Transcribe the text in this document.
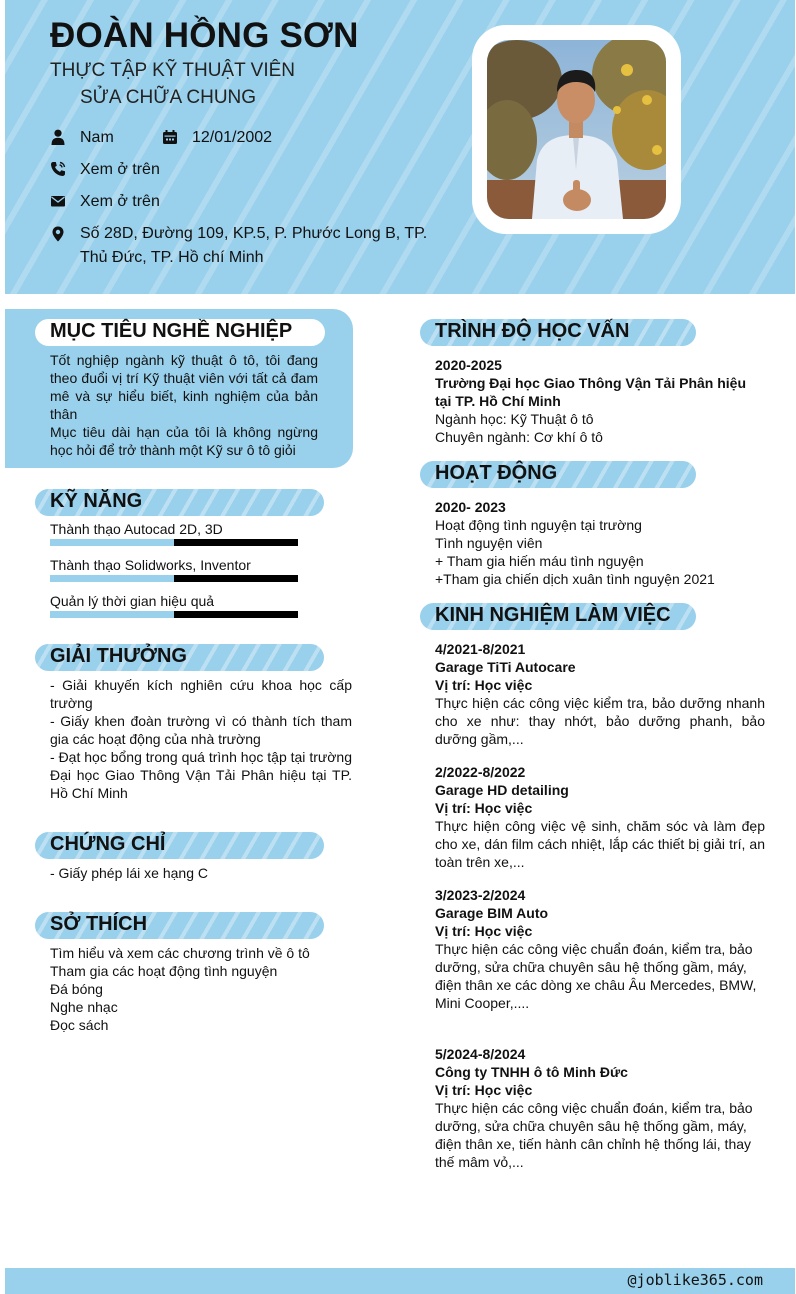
ĐOÀN HỒNG SƠN
THỰC TẬP KỸ THUẬT VIÊN
SỬA CHỮA CHUNG
Nam	12/01/2002
Xem ở trên
Xem ở trên
Số 28D, Đường 109, KP.5, P. Phước Long B, TP.
Thủ Đức, TP. Hồ chí Minh
MỤC TIÊU NGHỀ NGHIỆP

Tốt nghiệp ngành kỹ thuật ô tô, tôi đang theo đuổi vị trí Kỹ thuật viên với tất cả đam mê và sự hiểu biết, kinh nghiệm của bản thân

Mục tiêu dài hạn của tôi là không ngừng học hỏi để trở thành một Kỹ sư ô tô giỏi

KỸ NĂNG
Thành thạo Autocad 2D, 3D
Thành thạo Solidworks, Inventor
Quản lý thời gian hiệu quả
GIẢI THƯỞNG

- Giải khuyến kích nghiên cứu khoa học cấp trường

- Giấy khen đoàn trường vì có thành tích tham gia các hoạt động của nhà trường

- Đạt học bổng trong quá trình học tập tại trường Đại học Giao Thông Vận Tải Phân hiệu tại TP. Hồ Chí Minh

CHỨNG CHỈ
- Giấy phép lái xe hạng C
SỞ THÍCH
Tìm hiểu và xem các chương trình về ô tô
Tham gia các hoạt động tình nguyện
Đá bóng
Nghe nhạc
Đọc sách
TRÌNH ĐỘ HỌC VẤN
2020-2025
Trường Đại học Giao Thông Vận Tải Phân hiệu tại TP. Hồ Chí Minh
Ngành học: Kỹ Thuật ô tô
Chuyên ngành: Cơ khí ô tô
HOẠT ĐỘNG
2020- 2023
Hoạt động tình nguyện tại trường
Tình nguyện viên
+ Tham gia hiến máu tình nguyện
+Tham gia chiến dịch xuân tình nguyện 2021
KINH NGHIỆM LÀM VIỆC
4/2021-8/2021
Garage TiTi Autocare
Vị trí: Học việc
Thực hiện các công việc kiểm tra, bảo dưỡng nhanh cho xe như: thay nhớt, bảo dưỡng phanh, bảo dưỡng gầm,...
2/2022-8/2022
Garage HD detailing
Vị trí: Học việc
Thực hiện công việc vệ sinh, chăm sóc và làm đẹp cho xe, dán film cách nhiệt, lắp các thiết bị giải trí, an toàn trên xe,...
3/2023-2/2024
Garage BIM Auto
Vị trí: Học việc
Thực hiện các công việc chuẩn đoán, kiểm tra, bảo dưỡng, sửa chữa chuyên sâu hệ thống gầm, máy, điện thân xe các dòng xe châu Âu Mercedes, BMW, Mini Cooper,....
5/2024-8/2024
Công ty TNHH ô tô Minh Đức
Vị trí: Học việc
Thực hiện các công việc chuẩn đoán, kiểm tra, bảo dưỡng, sửa chữa chuyên sâu hệ thống gầm, máy, điện thân xe, tiến hành cân chỉnh hệ thống lái, thay thế mâm vỏ,...
@joblike365.com
